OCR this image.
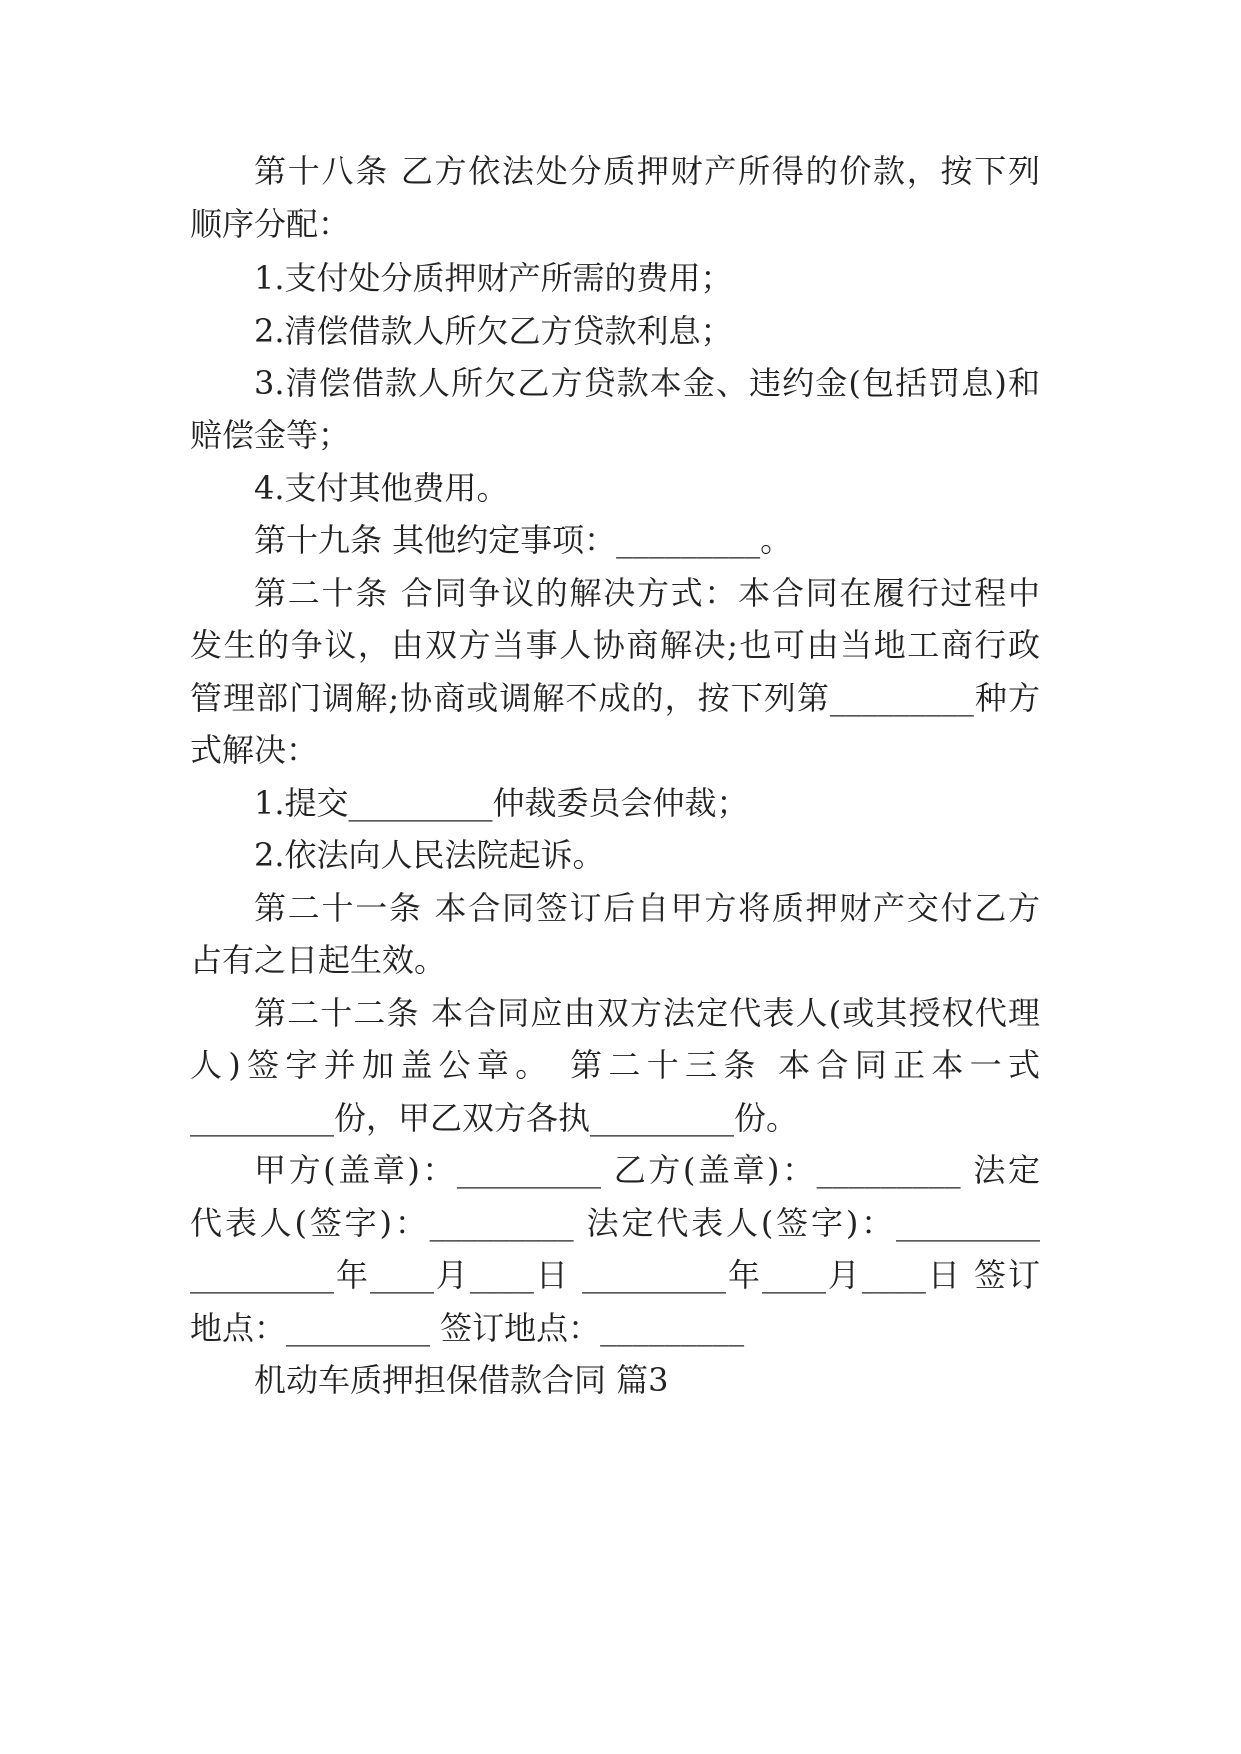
第十八条 乙方依法处分质押财产所得的价款，按下列
顺序分配：
1.支付处分质押财产所需的费用；
2.清偿借款人所欠乙方贷款利息；
3.清偿借款人所欠乙方贷款本金、违约金(包括罚息)和
赔偿金等；
4.支付其他费用。
第十九条 其他约定事项：_________。
第二十条 合同争议的解决方式：本合同在履行过程中
发生的争议，由双方当事人协商解决;也可由当地工商行政
管理部门调解;协商或调解不成的，按下列第_________种方
式解决：
1.提交_________仲裁委员会仲裁；
2.依法向人民法院起诉。
第二十一条 本合同签订后自甲方将质押财产交付乙方
占有之日起生效。
第二十二条 本合同应由双方法定代表人(或其授权代理
人)签字并加盖公章。 第二十三条 本合同正本一式
_________份，甲乙双方各执_________份。
甲方(盖章)：_________ 乙方(盖章)：_________ 法定
代表人(签字)：_________ 法定代表人(签字)：_________
_________年____月____日 _________年____月____日 签订
地点：_________ 签订地点：_________
机动车质押担保借款合同 篇3
